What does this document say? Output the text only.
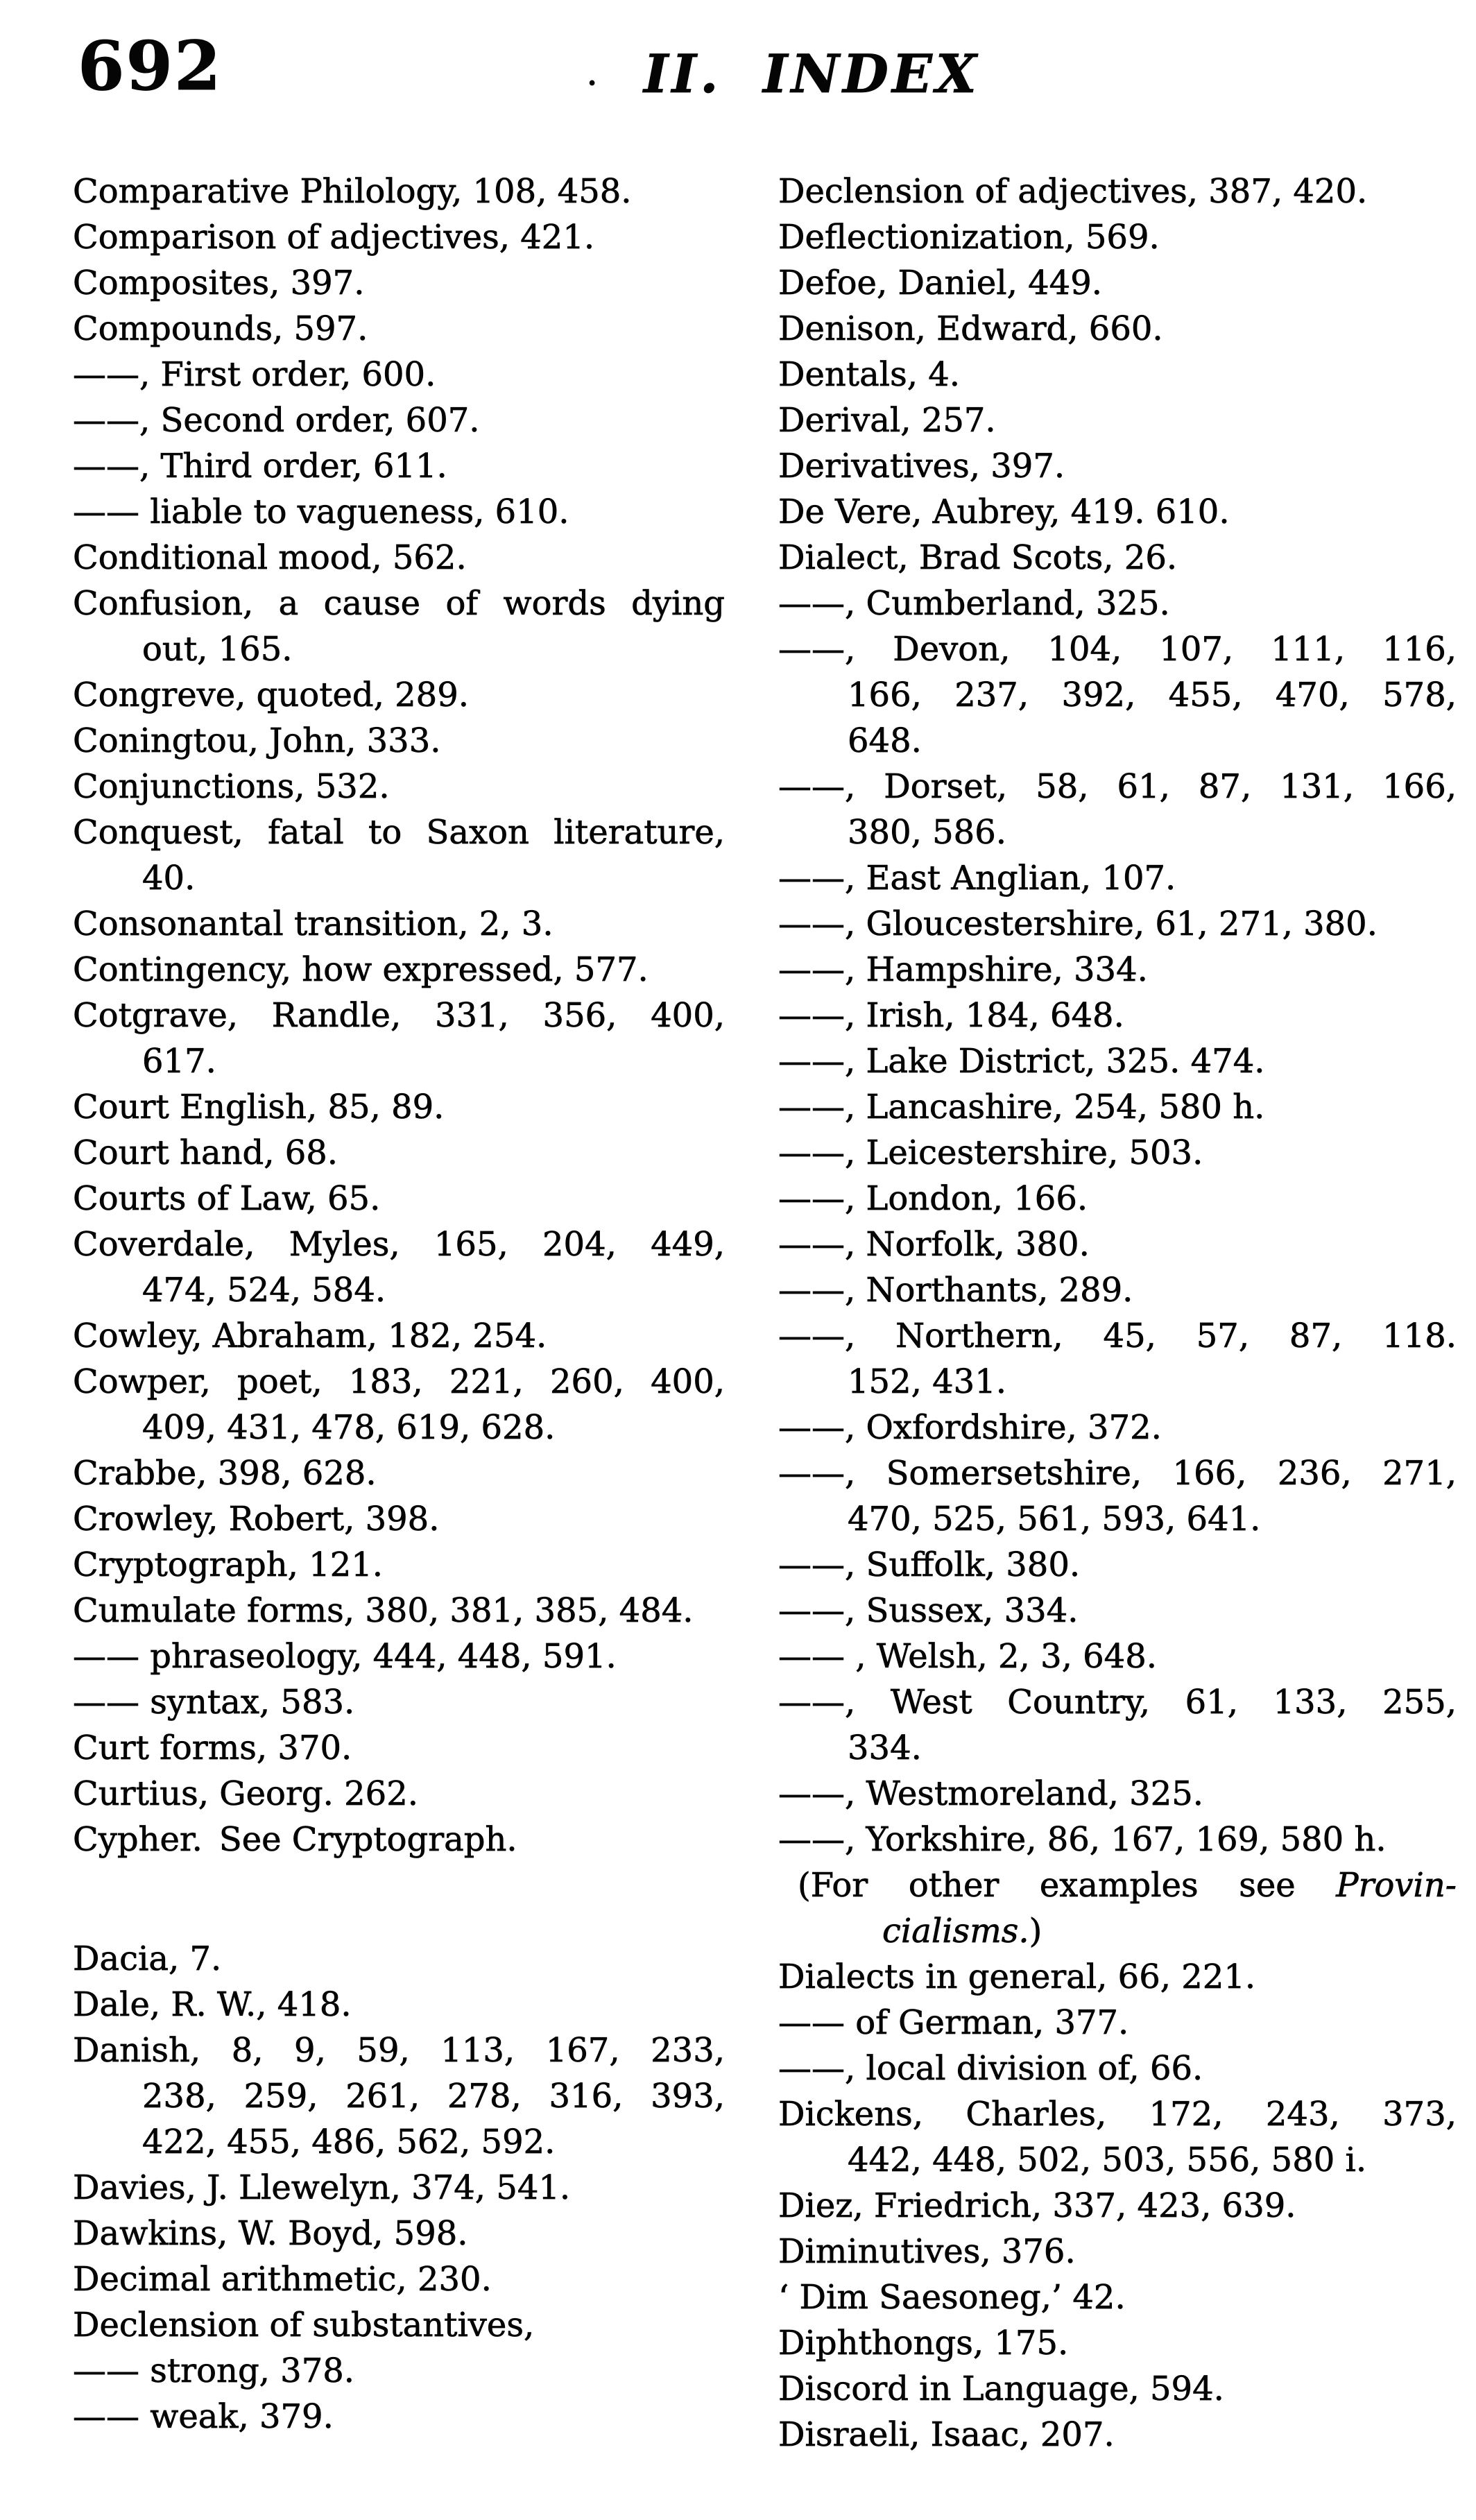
692	. II. INDEX
Comparative Philology, 108, 458.
Comparison of adjectives, 421.
Composites, 397.
Compounds, 597.
——, First order, 600.
——, Second order, 607.
——, Third order, 611.
—— liable to vagueness, 610.
Conditional mood, 562.
Confusion, a cause of words dying
out, 165.
Congreve, quoted, 289.
Coningtou, John, 333.
Conjunctions, 532.
Conquest, fatal to Saxon literature,
40.
Consonantal transition, 2, 3.
Contingency, how expressed, 577.
Cotgrave, Randle, 331, 356, 400,
617.
Court English, 85, 89.
Court hand, 68.
Courts of Law, 65.
Coverdale, Myles, 165, 204, 449,
474, 524, 584.
Cowley, Abraham, 182, 254.
Cowper, poet, 183, 221, 260, 400,
409, 431, 478, 619, 628.
Crabbe, 398, 628.
Crowley, Robert, 398.
Cryptograph, 121.
Cumulate forms, 380, 381, 385, 484.
—— phraseology, 444, 448, 591.
—— syntax, 583.
Curt forms, 370.
Curtius, Georg. 262.
Cypher. See Cryptograph.
Dacia, 7.
Dale, R. W., 418.
Danish, 8, 9, 59, 113, 167, 233,
238, 259, 261, 278, 316, 393,
422, 455, 486, 562, 592.
Davies, J. Llewelyn, 374, 541.
Dawkins, W. Boyd, 598.
Decimal arithmetic, 230.
Declension of substantives,
—— strong, 378.
—— weak, 379.
Declension of adjectives, 387, 420.
Deflectionization, 569.
Defoe, Daniel, 449.
Denison, Edward, 660.
Dentals, 4.
Derival, 257.
Derivatives, 397.
De Vere, Aubrey, 419. 610.
Dialect, Brad Scots, 26.
——, Cumberland, 325.
——, Devon, 104, 107, 111, 116,
166, 237, 392, 455, 470, 578,
648.
——, Dorset, 58, 61, 87, 131, 166,
380, 586.
——, East Anglian, 107.
——, Gloucestershire, 61, 271, 380.
——, Hampshire, 334.
——, Irish, 184, 648.
——, Lake District, 325. 474.
——, Lancashire, 254, 580 h.
——, Leicestershire, 503.
——, London, 166.
——, Norfolk, 380.
——, Northants, 289.
——, Northern, 45, 57, 87, 118.
152, 431.
——, Oxfordshire, 372.
——, Somersetshire, 166, 236, 271,
470, 525, 561, 593, 641.
——, Suffolk, 380.
——, Sussex, 334.
—— , Welsh, 2, 3, 648.
——, West Country, 61, 133, 255,
334.
——, Westmoreland, 325.
——, Yorkshire, 86, 167, 169, 580 h.
(For other examples see Provin-
cialisms.)
Dialects in general, 66, 221.
—— of German, 377.
——, local division of, 66.
Dickens, Charles, 172, 243, 373,
442, 448, 502, 503, 556, 580 i.
Diez, Friedrich, 337, 423, 639.
Diminutives, 376.
‘ Dim Saesoneg,’ 42.
Diphthongs, 175.
Discord in Language, 594.
Disraeli, Isaac, 207.
